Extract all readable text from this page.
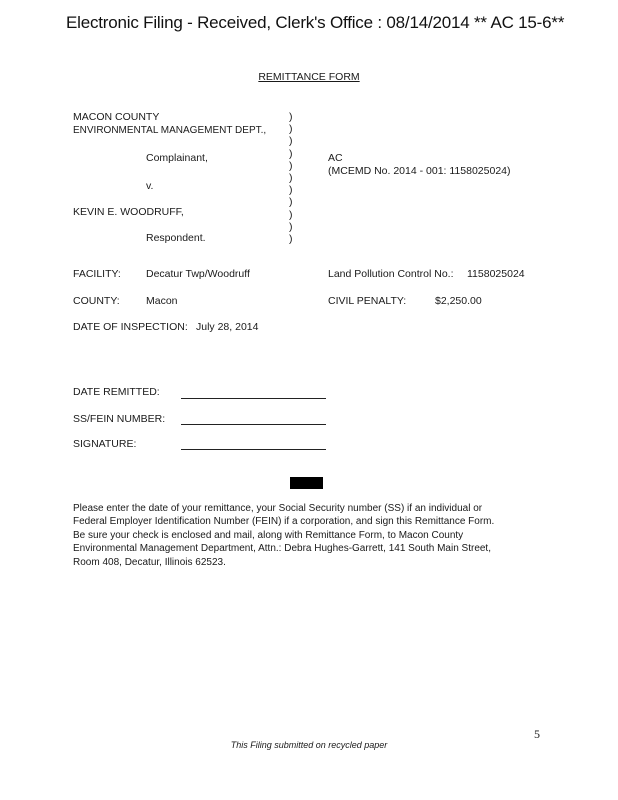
Electronic Filing - Received, Clerk's Office : 08/14/2014 ** AC 15-6**
REMITTANCE FORM
MACON COUNTY
ENVIRONMENTAL MANAGEMENT DEPT.,
Complainant,
v.
KEVIN E. WOODRUFF,
Respondent.
)
)
)
)
)
)
)
)
)
)
)
AC
(MCEMD No. 2014 - 001: 1158025024)
FACILITY: Decatur Twp/Woodruff	Land Pollution Control No.: 1158025024
COUNTY:	Macon	CIVIL PENALTY:	$2,250.00
DATE OF INSPECTION: July 28, 2014
DATE REMITTED:
SS/FEIN NUMBER:
SIGNATURE:
Please enter the date of your remittance, your Social Security number (SS) if an individual or
Federal Employer Identification Number (FEIN) if a corporation, and sign this Remittance Form.
Be sure your check is enclosed and mail, along with Remittance Form, to Macon County
Environmental Management Department, Attn.: Debra Hughes-Garrett, 141 South Main Street,
Room 408, Decatur, Illinois 62523.
5
This Filing submitted on recycled paper
